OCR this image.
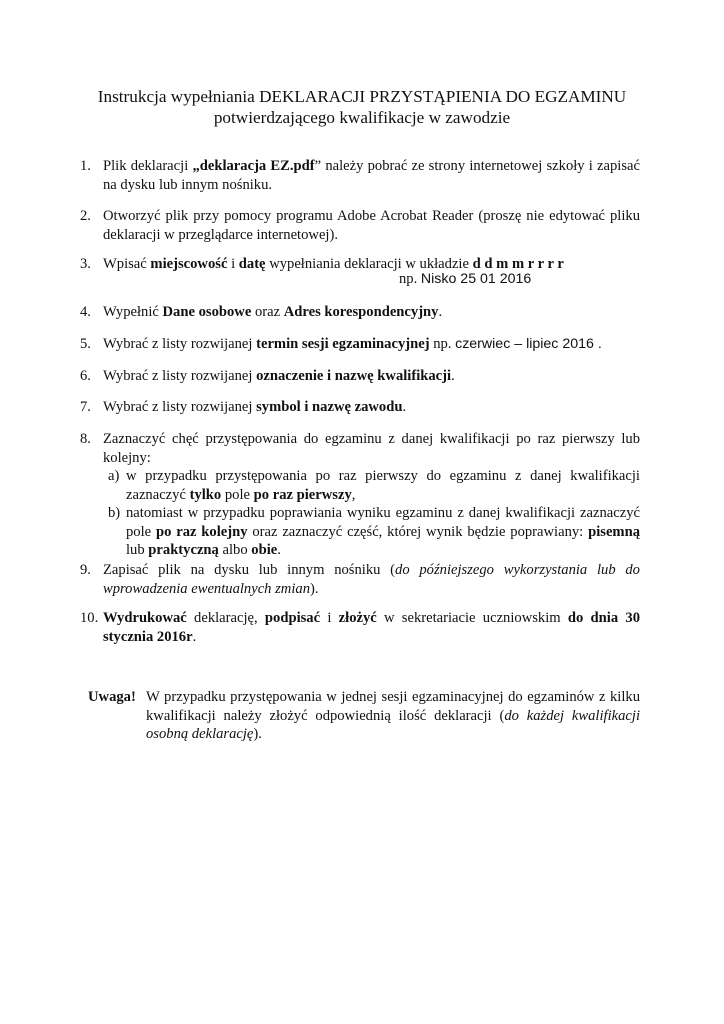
Instrukcja wypełniania DEKLARACJI PRZYSTĄPIENIA DO EGZAMINU
potwierdzającego kwalifikacje w zawodzie
1. Plik deklaracji „deklaracja EZ.pdf” należy pobrać ze strony internetowej szkoły i zapisać na dysku lub innym nośniku.
2. Otworzyć plik przy pomocy programu Adobe Acrobat Reader (proszę nie edytować pliku deklaracji w przeglądarce internetowej).
3. Wpisać miejscowość i datę wypełniania deklaracji w układzie d d m m r r r r
np. Nisko 25 01 2016
4. Wypełnić Dane osobowe oraz Adres korespondencyjny.
5. Wybrać z listy rozwijanej termin sesji egzaminacyjnej np. czerwiec – lipiec 2016 .
6. Wybrać z listy rozwijanej oznaczenie i nazwę kwalifikacji.
7. Wybrać z listy rozwijanej symbol i nazwę zawodu.
8. Zaznaczyć chęć przystępowania do egzaminu z danej kwalifikacji po raz pierwszy lub kolejny:
a) w przypadku przystępowania po raz pierwszy do egzaminu z danej kwalifikacji zaznaczyć tylko pole po raz pierwszy,
b) natomiast w przypadku poprawiania wyniku egzaminu z danej kwalifikacji zaznaczyć pole po raz kolejny oraz zaznaczyć część, której wynik będzie poprawiany: pisemną lub praktyczną albo obie.
9. Zapisać plik na dysku lub innym nośniku (do późniejszego wykorzystania lub do wprowadzenia ewentualnych zmian).
10. Wydrukować deklarację, podpisać i złożyć w sekretariacie uczniowskim do dnia 30 stycznia 2016r.
Uwaga! W przypadku przystępowania w jednej sesji egzaminacyjnej do egzaminów z kilku kwalifikacji należy złożyć odpowiednią ilość deklaracji (do każdej kwalifikacji osobną deklarację).
